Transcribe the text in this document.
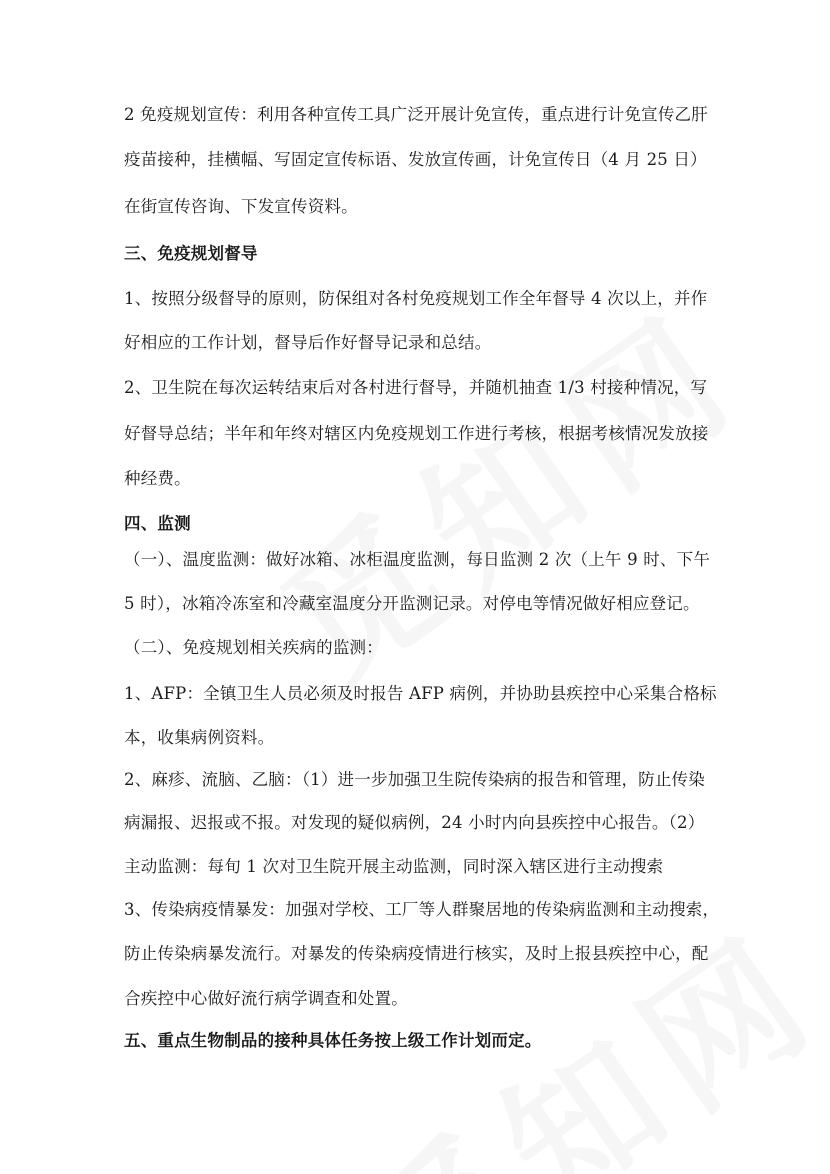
2 免疫规划宣传：利用各种宣传工具广泛开展计免宣传，重点进行计免宣传乙肝
疫苗接种，挂横幅、写固定宣传标语、发放宣传画，计免宣传日（4 月 25 日）
在街宣传咨询、下发宣传资料。
三、免疫规划督导
1、按照分级督导的原则，防保组对各村免疫规划工作全年督导 4 次以上，并作
好相应的工作计划，督导后作好督导记录和总结。
2、卫生院在每次运转结束后对各村进行督导，并随机抽查 1/3 村接种情况，写
好督导总结；半年和年终对辖区内免疫规划工作进行考核，根据考核情况发放接
种经费。
四、监测
（一）、温度监测：做好冰箱、冰柜温度监测，每日监测 2 次（上午 9 时、下午
5 时），冰箱冷冻室和冷藏室温度分开监测记录。对停电等情况做好相应登记。
（二）、免疫规划相关疾病的监测：
1、AFP：全镇卫生人员必须及时报告 AFP 病例，并协助县疾控中心采集合格标
本，收集病例资料。
2、麻疹、流脑、乙脑：（1）进一步加强卫生院传染病的报告和管理，防止传染
病漏报、迟报或不报。对发现的疑似病例，24 小时内向县疾控中心报告。（2）
主动监测：每旬 1 次对卫生院开展主动监测，同时深入辖区进行主动搜索
3、传染病疫情暴发：加强对学校、工厂等人群聚居地的传染病监测和主动搜索，
防止传染病暴发流行。对暴发的传染病疫情进行核实，及时上报县疾控中心，配
合疾控中心做好流行病学调查和处置。
五、重点生物制品的接种具体任务按上级工作计划而定。
